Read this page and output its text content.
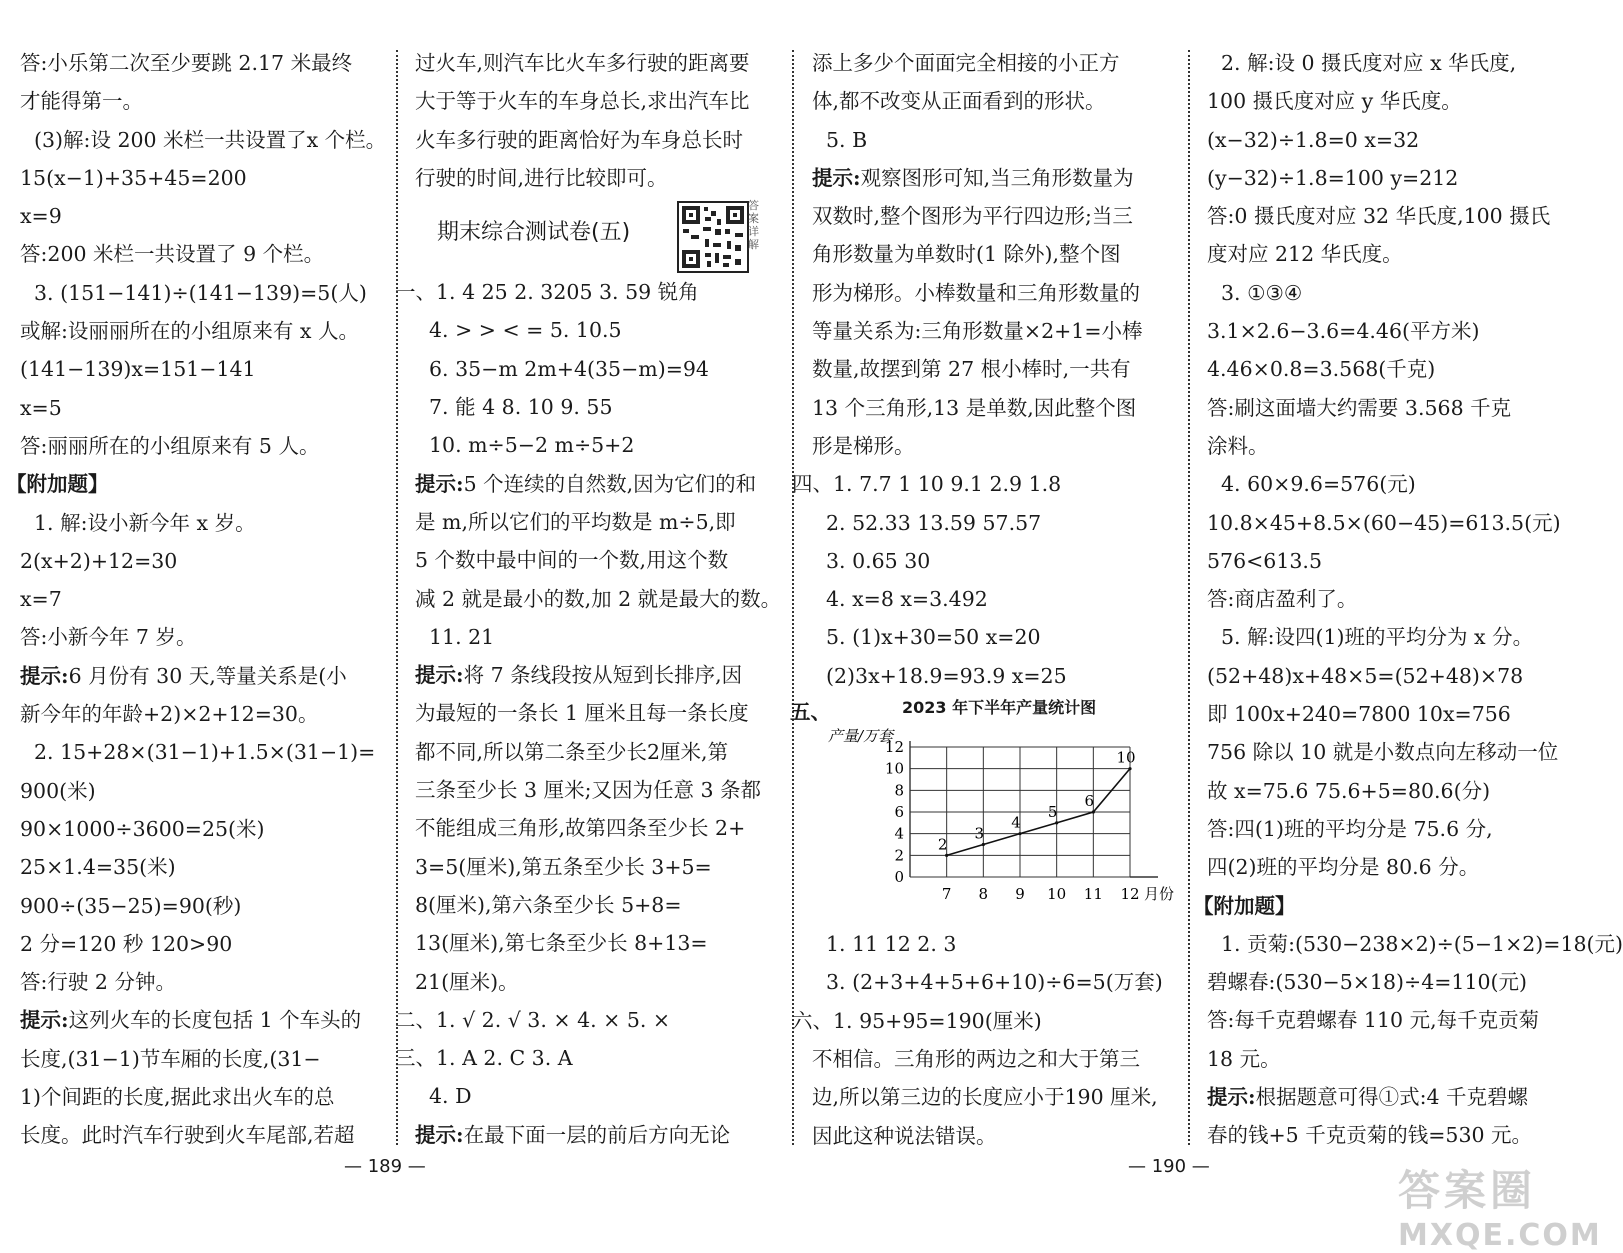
答:小乐第二次至少要跳 2.17 米最终
才能得第一。
(3)解:设 200 米栏一共设置了x 个栏。
15(x−1)+35+45=200
x=9
答:200 米栏一共设置了 9 个栏。
3. (151−141)÷(141−139)=5(人)
或解:设丽丽所在的小组原来有 x 人。
(141−139)x=151−141
x=5
答:丽丽所在的小组原来有 5 人。
【附加题】
1. 解:设小新今年 x 岁。
2(x+2)+12=30
x=7
答:小新今年 7 岁。
提示:6 月份有 30 天,等量关系是(小
新今年的年龄+2)×2+12=30。
2. 15+28×(31−1)+1.5×(31−1)=
900(米)
90×1000÷3600=25(米)
25×1.4=35(米)
900÷(35−25)=90(秒)
2 分=120 秒 120>90
答:行驶 2 分钟。
提示:这列火车的长度包括 1 个车头的
长度,(31−1)节车厢的长度,(31−
1)个间距的长度,据此求出火车的总
长度。此时汽车行驶到火车尾部,若超
过火车,则汽车比火车多行驶的距离要
大于等于火车的车身总长,求出汽车比
火车多行驶的距离恰好为车身总长时
行驶的时间,进行比较即可。
期末综合测试卷(五)
答案详解
一、1. 4 25 2. 3205 3. 59 锐角
4. > > < = 5. 10.5
6. 35−m 2m+4(35−m)=94
7. 能 4 8. 10 9. 55
10. m÷5−2 m÷5+2
提示:5 个连续的自然数,因为它们的和
是 m,所以它们的平均数是 m÷5,即
5 个数中最中间的一个数,用这个数
减 2 就是最小的数,加 2 就是最大的数。
11. 21
提示:将 7 条线段按从短到长排序,因
为最短的一条长 1 厘米且每一条长度
都不同,所以第二条至少长2厘米,第
三条至少长 3 厘米;又因为任意 3 条都
不能组成三角形,故第四条至少长 2+
3=5(厘米),第五条至少长 3+5=
8(厘米),第六条至少长 5+8=
13(厘米),第七条至少长 8+13=
21(厘米)。
二、1. √ 2. √ 3. × 4. × 5. ×
三、1. A 2. C 3. A
4. D
提示:在最下面一层的前后方向无论
添上多少个面面完全相接的小正方
体,都不改变从正面看到的形状。
5. B
提示:观察图形可知,当三角形数量为
双数时,整个图形为平行四边形;当三
角形数量为单数时(1 除外),整个图
形为梯形。小棒数量和三角形数量的
等量关系为:三角形数量×2+1=小棒
数量,故摆到第 27 根小棒时,一共有
13 个三角形,13 是单数,因此整个图
形是梯形。
四、1. 7.7 1 10 9.1 2.9 1.8
2. 52.33 13.59 57.57
3. 0.65 30
4. x=8 x=3.492
5. (1)x+30=50 x=20
(2)3x+18.9=93.9 x=25
五、	2023 年下半年产量统计图
0
2
4
6
8
10
12
7 8 9 10 11 12 月份
产量/万套
2
3
4
5
6
10
1. 11 12 2. 3
3. (2+3+4+5+6+10)÷6=5(万套)
六、1. 95+95=190(厘米)
不相信。三角形的两边之和大于第三
边,所以第三边的长度应小于190 厘米,
因此这种说法错误。
2. 解:设 0 摄氏度对应 x 华氏度,
100 摄氏度对应 y 华氏度。
(x−32)÷1.8=0 x=32
(y−32)÷1.8=100 y=212
答:0 摄氏度对应 32 华氏度,100 摄氏
度对应 212 华氏度。
3. ①③④
3.1×2.6−3.6=4.46(平方米)
4.46×0.8=3.568(千克)
答:刷这面墙大约需要 3.568 千克
涂料。
4. 60×9.6=576(元)
10.8×45+8.5×(60−45)=613.5(元)
576<613.5
答:商店盈利了。
5. 解:设四(1)班的平均分为 x 分。
(52+48)x+48×5=(52+48)×78
即 100x+240=7800 10x=756
756 除以 10 就是小数点向左移动一位
故 x=75.6 75.6+5=80.6(分)
答:四(1)班的平均分是 75.6 分,
四(2)班的平均分是 80.6 分。
【附加题】
1. 贡菊:(530−238×2)÷(5−1×2)=18(元)
碧螺春:(530−5×18)÷4=110(元)
答:每千克碧螺春 110 元,每千克贡菊
18 元。
提示:根据题意可得①式:4 千克碧螺
春的钱+5 千克贡菊的钱=530 元。
— 189 —	— 190 —	答案圈
MXQE.COM
